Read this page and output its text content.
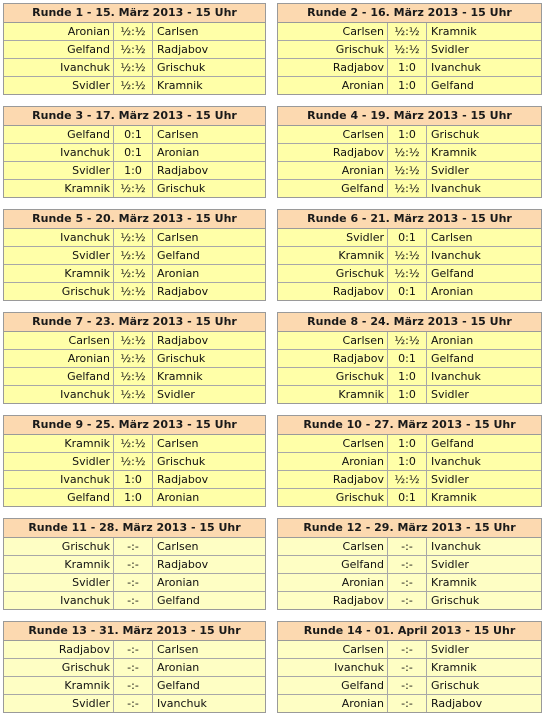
Runde 1 - 15. März 2013 - 15 Uhr
Aronian ½:½	Carlsen
Gelfand ½:½	Radjabov
Ivanchuk ½:½	Grischuk
Svidler ½:½	Kramnik
Runde 2 - 16. März 2013 - 15 Uhr
Carlsen ½:½	Kramnik
Grischuk ½:½	Svidler
Radjabov	1:0	Ivanchuk
Aronian	1:0	Gelfand
Runde 3 - 17. März 2013 - 15 Uhr
Gelfand	0:1	Carlsen
Ivanchuk	0:1	Aronian
Svidler	1:0	Radjabov
Kramnik ½:½	Grischuk
Runde 4 - 19. März 2013 - 15 Uhr
Carlsen	1:0	Grischuk
Radjabov ½:½	Kramnik
Aronian ½:½	Svidler
Gelfand ½:½	Ivanchuk
Runde 5 - 20. März 2013 - 15 Uhr
Ivanchuk ½:½	Carlsen
Svidler ½:½	Gelfand
Kramnik ½:½	Aronian
Grischuk ½:½	Radjabov
Runde 6 - 21. März 2013 - 15 Uhr
Svidler	0:1	Carlsen
Kramnik ½:½	Ivanchuk
Grischuk ½:½	Gelfand
Radjabov	0:1	Aronian
Runde 7 - 23. März 2013 - 15 Uhr
Carlsen ½:½	Radjabov
Aronian ½:½	Grischuk
Gelfand ½:½	Kramnik
Ivanchuk ½:½	Svidler
Runde 8 - 24. März 2013 - 15 Uhr
Carlsen ½:½	Aronian
Radjabov	0:1	Gelfand
Grischuk	1:0	Ivanchuk
Kramnik	1:0	Svidler
Runde 9 - 25. März 2013 - 15 Uhr
Kramnik ½:½	Carlsen
Svidler ½:½	Grischuk
Ivanchuk	1:0	Radjabov
Gelfand	1:0	Aronian
Runde 10 - 27. März 2013 - 15 Uhr
Carlsen	1:0	Gelfand
Aronian	1:0	Ivanchuk
Radjabov ½:½	Svidler
Grischuk	0:1	Kramnik
Runde 11 - 28. März 2013 - 15 Uhr
Grischuk	-:-	Carlsen
Kramnik	-:-	Radjabov
Svidler	-:-	Aronian
Ivanchuk	-:-	Gelfand
Runde 12 - 29. März 2013 - 15 Uhr
Carlsen	-:-	Ivanchuk
Gelfand	-:-	Svidler
Aronian	-:-	Kramnik
Radjabov	-:-	Grischuk
Runde 13 - 31. März 2013 - 15 Uhr
Radjabov	-:-	Carlsen
Grischuk	-:-	Aronian
Kramnik	-:-	Gelfand
Svidler	-:-	Ivanchuk
Runde 14 - 01. April 2013 - 15 Uhr
Carlsen	-:-	Svidler
Ivanchuk	-:-	Kramnik
Gelfand	-:-	Grischuk
Aronian	-:-	Radjabov
